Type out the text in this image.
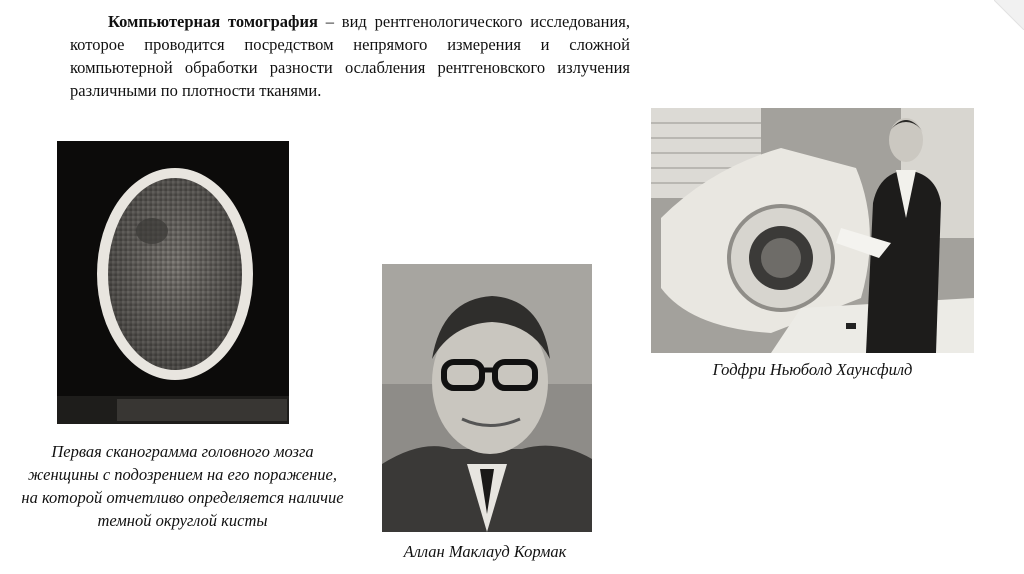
Компьютерная томография – вид рентгенологического исследования, которое проводится посредством непрямого измерения и сложной компьютерной обработки разности ослабления рентгеновского излучения различными по плотности тканями.

Первая сканограмма головного мозга женщины с подозрением на его поражение, на которой отчетливо определяется наличие темной округлой кисты

Аллан Маклауд Кормак

Годфри Ньюболд Хаунсфилд
